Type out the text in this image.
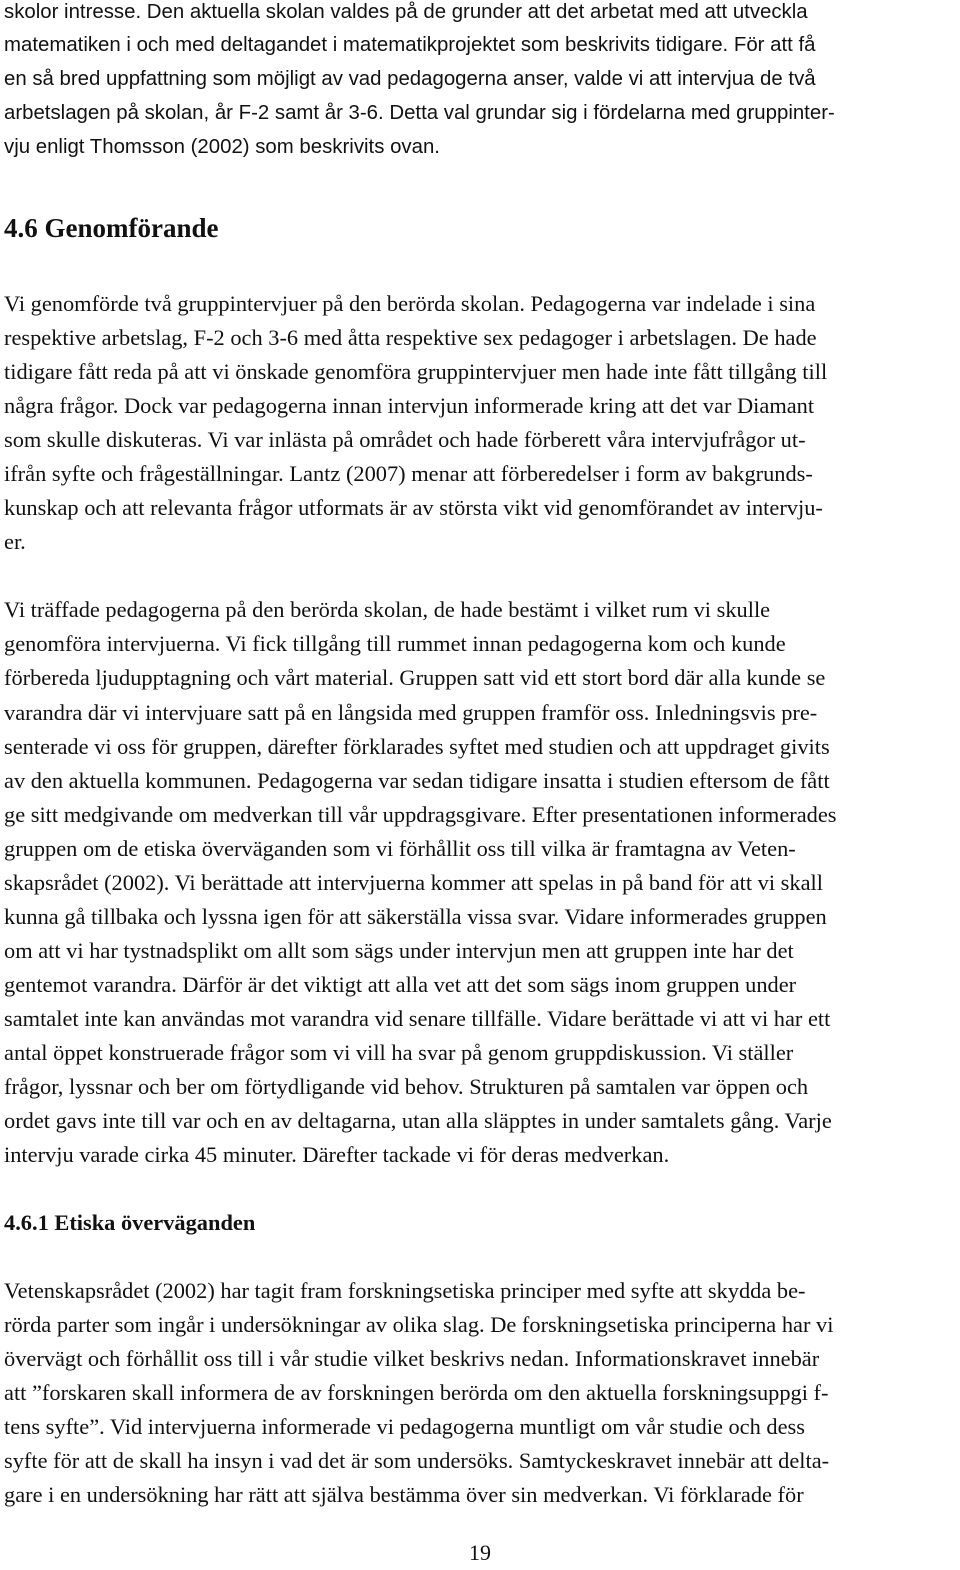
skolor intresse. Den aktuella skolan valdes på de grunder att det arbetat med att utveckla
matematiken i och med deltagandet i matematikprojektet som beskrivits tidigare. För att få
en så bred uppfattning som möjligt av vad pedagogerna anser, valde vi att intervjua de två
arbetslagen på skolan, år F-2 samt år 3-6. Detta val grundar sig i fördelarna med gruppinter-
vju enligt Thomsson (2002) som beskrivits ovan.
4.6 Genomförande
Vi genomförde två gruppintervjuer på den berörda skolan. Pedagogerna var indelade i sina
respektive arbetslag, F-2 och 3-6 med åtta respektive sex pedagoger i arbetslagen. De hade
tidigare fått reda på att vi önskade genomföra gruppintervjuer men hade inte fått tillgång till
några frågor. Dock var pedagogerna innan intervjun informerade kring att det var Diamant
som skulle diskuteras. Vi var inlästa på området och hade förberett våra intervjufrågor ut-
ifrån syfte och frågeställningar. Lantz (2007) menar att förberedelser i form av bakgrunds-
kunskap och att relevanta frågor utformats är av största vikt vid genomförandet av intervju-
er.
Vi träffade pedagogerna på den berörda skolan, de hade bestämt i vilket rum vi skulle
genomföra intervjuerna. Vi fick tillgång till rummet innan pedagogerna kom och kunde
förbereda ljudupptagning och vårt material. Gruppen satt vid ett stort bord där alla kunde se
varandra där vi intervjuare satt på en långsida med gruppen framför oss. Inledningsvis pre-
senterade vi oss för gruppen, därefter förklarades syftet med studien och att uppdraget givits
av den aktuella kommunen. Pedagogerna var sedan tidigare insatta i studien eftersom de fått
ge sitt medgivande om medverkan till vår uppdragsgivare. Efter presentationen informerades
gruppen om de etiska överväganden som vi förhållit oss till vilka är framtagna av Veten-
skapsrådet (2002). Vi berättade att intervjuerna kommer att spelas in på band för att vi skall
kunna gå tillbaka och lyssna igen för att säkerställa vissa svar. Vidare informerades gruppen
om att vi har tystnadsplikt om allt som sägs under intervjun men att gruppen inte har det
gentemot varandra. Därför är det viktigt att alla vet att det som sägs inom gruppen under
samtalet inte kan användas mot varandra vid senare tillfälle. Vidare berättade vi att vi har ett
antal öppet konstruerade frågor som vi vill ha svar på genom gruppdiskussion. Vi ställer
frågor, lyssnar och ber om förtydligande vid behov. Strukturen på samtalen var öppen och
ordet gavs inte till var och en av deltagarna, utan alla släpptes in under samtalets gång. Varje
intervju varade cirka 45 minuter. Därefter tackade vi för deras medverkan.
4.6.1 Etiska överväganden
Vetenskapsrådet (2002) har tagit fram forskningsetiska principer med syfte att skydda be-
rörda parter som ingår i undersökningar av olika slag. De forskningsetiska principerna har vi
övervägt och förhållit oss till i vår studie vilket beskrivs nedan. Informationskravet innebär
att ”forskaren skall informera de av forskningen berörda om den aktuella forskningsuppgi f-
tens syfte”. Vid intervjuerna informerade vi pedagogerna muntligt om vår studie och dess
syfte för att de skall ha insyn i vad det är som undersöks. Samtyckeskravet innebär att delta-
gare i en undersökning har rätt att själva bestämma över sin medverkan. Vi förklarade för
19
